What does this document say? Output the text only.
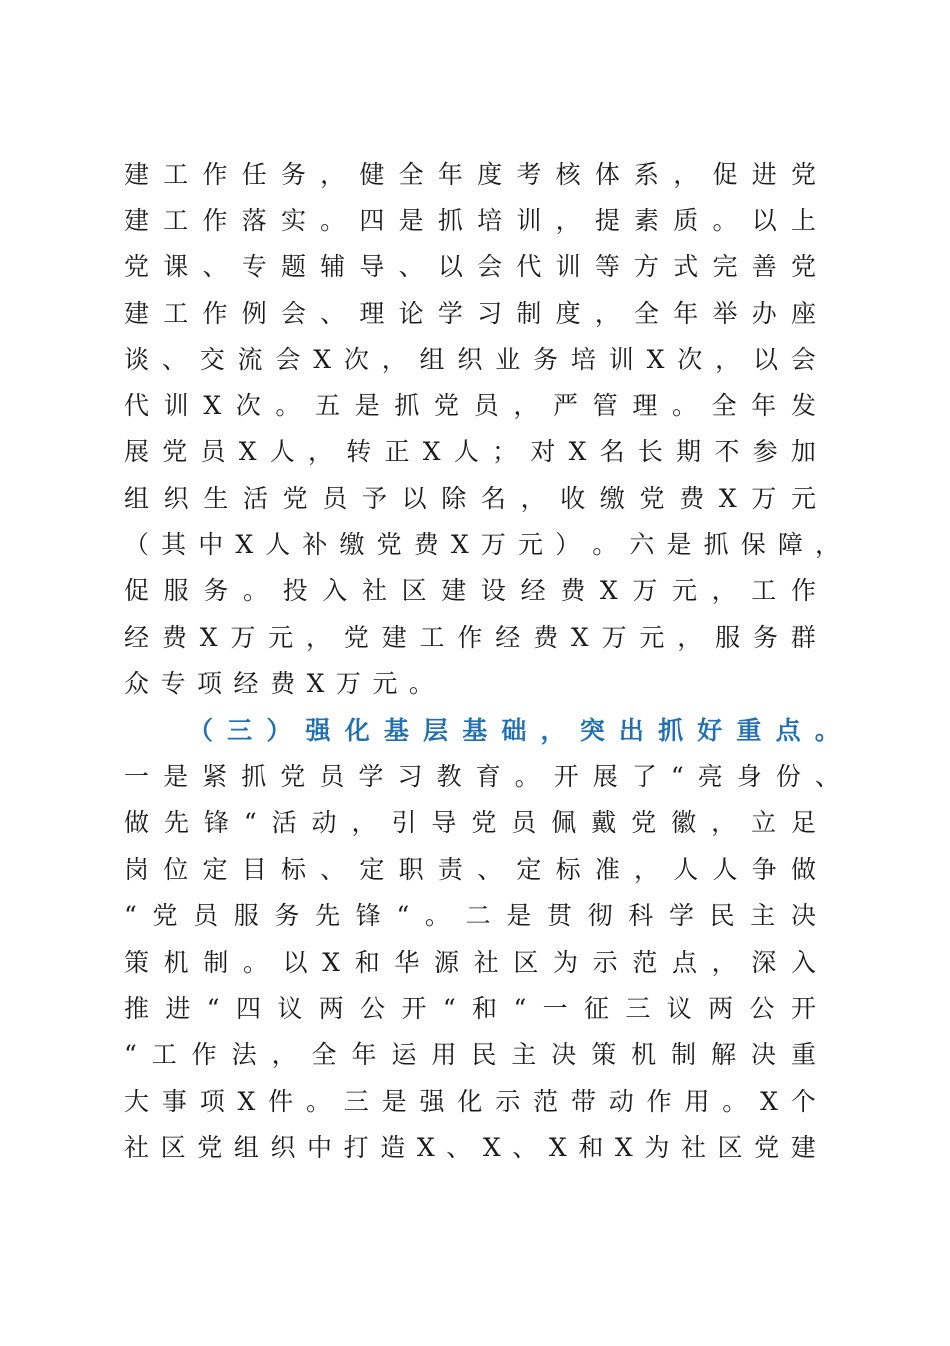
建 工 作 任 务 ， 健 全 年 度 考 核 体 系 ， 促 进 党
建 工 作 落 实 。 四 是 抓 培 训 ， 提 素 质 。 以 上
党 课 、 专 题 辅 导 、 以 会 代 训 等 方 式 完 善 党
建 工 作 例 会 、 理 论 学 习 制 度 ， 全 年 举 办 座
谈 、 交 流 会 X 次 ， 组 织 业 务 培 训 X 次 ， 以 会
代 训 X 次 。 五 是 抓 党 员 ， 严 管 理 。 全 年 发
展 党 员 X 人 ， 转 正 X 人 ； 对 X 名 长 期 不 参 加
组 织 生 活 党 员 予 以 除 名 ， 收 缴 党 费 X 万 元
（ 其 中 X 人 补 缴 党 费 X 万 元 ） 。 六 是 抓 保 障 ，
促 服 务 。 投 入 社 区 建 设 经 费 X 万 元 ， 工 作
经 费 X 万 元 ， 党 建 工 作 经 费 X 万 元 ， 服 务 群
众 专 项 经 费 X 万 元 。
（ 三 ） 强 化 基 层 基 础 ， 突 出 抓 好 重 点 。
一 是 紧 抓 党 员 学 习 教 育 。 开 展 了 “ 亮 身 份 、
做 先 锋 “ 活 动 ， 引 导 党 员 佩 戴 党 徽 ， 立 足
岗 位 定 目 标 、 定 职 责 、 定 标 准 ， 人 人 争 做
“ 党 员 服 务 先 锋 “ 。 二 是 贯 彻 科 学 民 主 决
策 机 制 。 以 X 和 华 源 社 区 为 示 范 点 ， 深 入
推 进 “ 四 议 两 公 开 “ 和 “ 一 征 三 议 两 公 开
“ 工 作 法 ， 全 年 运 用 民 主 决 策 机 制 解 决 重
大 事 项 X 件 。 三 是 强 化 示 范 带 动 作 用 。 X 个
社 区 党 组 织 中 打 造 X 、 X 、 X 和 X 为 社 区 党 建
